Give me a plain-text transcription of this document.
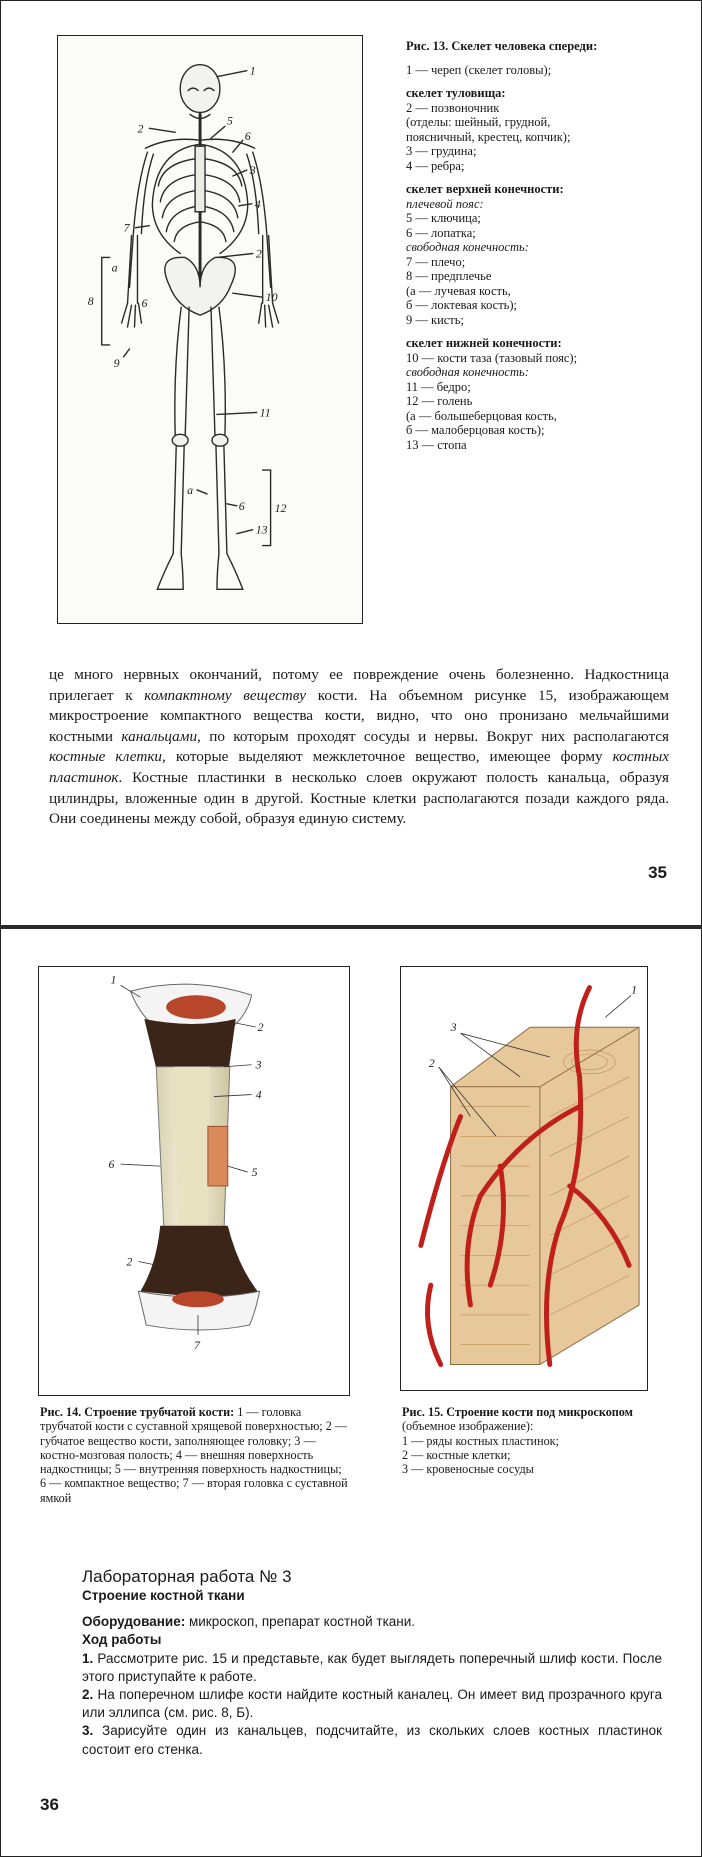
1
2
5
6
3
4
7
2
8
a
6	10
9
11
a
12
6
13
Рис. 13. Скелет человека спереди:
1 — череп (скелет головы);
скелет туловища:
2 — позвоночник
(отделы: шейный, грудной,
поясничный, крестец, копчик);
3 — грудина;
4 — ребра;
скелет верхней конечности:
плечевой пояс:
5 — ключица;
6 — лопатка;
свободная конечность:
7 — плечо;
8 — предплечье
(а — лучевая кость,
б — локтевая кость);
9 — кисть;
скелет нижней конечности:
10 — кости таза (тазовый пояс);
свободная конечность:
11 — бедро;
12 — голень
(а — большеберцовая кость,
б — малоберцовая кость);
13 — стопа

це много нервных окончаний, потому ее повреждение очень болезненно. Надкостница прилегает к компактному веществу кости. На объемном рисунке 15, изображающем микростроение компактного вещества кости, видно, что оно пронизано мельчайшими костными канальцами, по которым проходят сосуды и нервы. Вокруг них располагаются костные клетки, которые выделяют межклеточное вещество, имеющее форму костных пластинок. Костные пластинки в несколько слоев окружают полость канальца, образуя цилиндры, вложенные один в другой. Костные клетки располагаются позади каждого ряда. Они соединены между собой, образуя единую систему.

35
1
2
3
4
6
5
2
7
1
3
2
Рис. 14. Строение трубчатой кости: 1 — головка трубчатой кости с суставной хрящевой поверхностью; 2 — губчатое вещество кости, заполняющее головку; 3 — костно-мозговая полость; 4 — внешняя поверхность надкостницы; 5 — внутренняя поверхность надкостницы; 6 — компактное вещество; 7 — вторая головка с суставной ямкой
Рис. 15. Строение кости под микроскопом (объемное изображение):
1 — ряды костных пластинок;
2 — костные клетки;
3 — кровеносные сосуды
Лабораторная работа № 3
Строение костной ткани
Оборудование: микроскоп, препарат костной ткани.
Ход работы
1. Рассмотрите рис. 15 и представьте, как будет выглядеть поперечный шлиф кости. После этого приступайте к работе.
2. На поперечном шлифе кости найдите костный каналец. Он имеет вид прозрачного круга или эллипса (см. рис. 8, Б).
3. Зарисуйте один из канальцев, подсчитайте, из скольких слоев костных пластинок состоит его стенка.
36
